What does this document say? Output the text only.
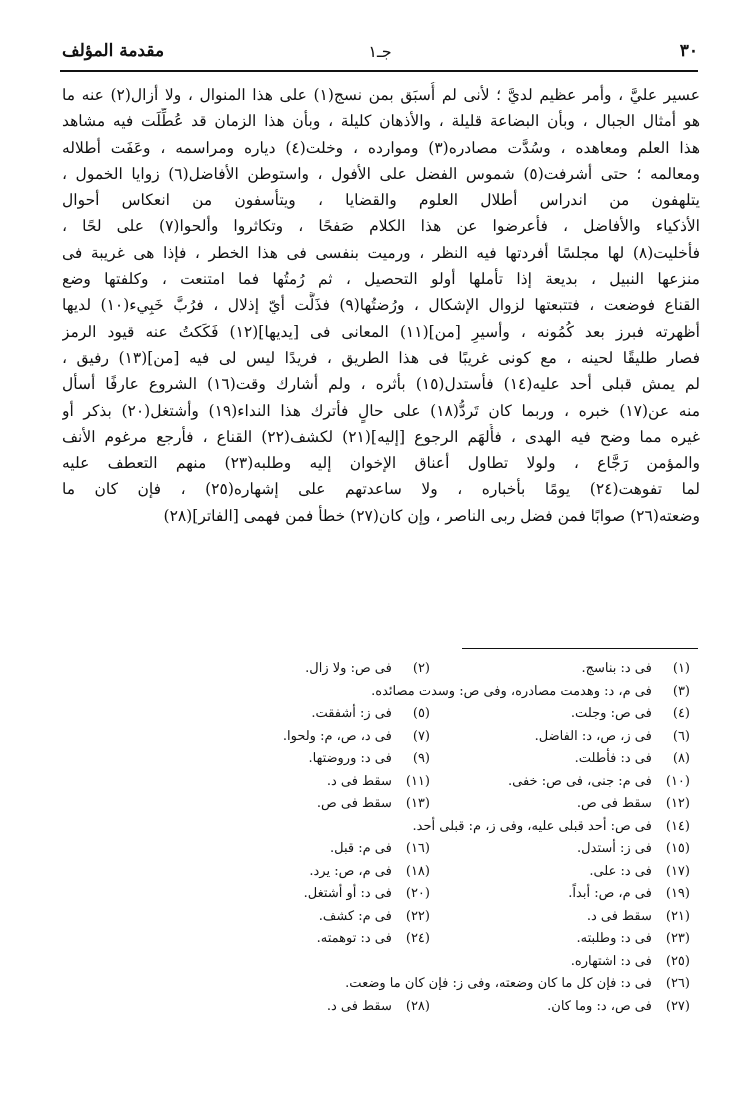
٣٠
جـ١
مقدمة المؤلف
عسير عليَّ ، وأمر عظيم لديَّ ؛ لأنى لم أُسبَق بمن نسج(١) على هذا المنوال ، ولا أزال(٢) عنه ما
هو أمثال الجبال ، وبأن البضاعة قليلة ، والأذهان كليلة ، وبأن هذا الزمان قد عُطِّلَت فيه مشاهد
هذا العلم ومعاهده ، وسُدَّت مصادره(٣) وموارده ، وخلت(٤) دياره ومراسمه ، وعَفَت أطلاله
ومعالمه ؛ حتى أشرفت(٥) شموس الفضل على الأفول ، واستوطن الأفاضل(٦) زوايا الخمول ،
يتلهفون من اندراس أطلال العلوم والقضايا ، ويتأسفون من انعكاس أحوال
الأذكياء والأفاضل ، فأعرضوا عن هذا الكلام صَفحًا ، وتكاثروا وألحوا(٧) على لحًا ،
فأخليت(٨) لها مجلسًا أفردتها فيه النظر ، ورميت بنفسى فى هذا الخطر ، فإذا هى غريبة فى
منزعها النبيل ، بديعة إذا تأملها أولو التحصيل ، ثم رُمتُها فما امتنعت ، وكلفتها وضع
القناع فوضعت ، فتتبعتها لزوال الإشكال ، ورُضتُها(٩) فذَلَّت أيّ إذلال ، فرُبَّ خَبِيء(١٠) لديها
أظهرته فبرز بعد كُمُونه ، وأسيرِ [من](١١) المعانى فى [يديها](١٢) فَكَكتُ عنه قيود الرمز
فصار طليقًا لحينه ، مع كونى غريبًا فى هذا الطريق ، فريدًا ليس لى فيه [من](١٣) رفيق ،
لم يمش قبلى أحد عليه(١٤) فأستدل(١٥) بأثره ، ولم أشارك وقت(١٦) الشروع عارفًا أسأل
منه عن(١٧) خبره ، وربما كان تَردُّ(١٨) على حالٍ فأترك هذا النداء(١٩) وأشتغل(٢٠) بذكر أو
غيره مما وضح فيه الهدى ، فأُلهَم الرجوع [إليه](٢١) لكشف(٢٢) القناع ، فأرجع مرغوم الأنف
والمؤمن رَجَّاع ، ولولا تطاول أعناق الإخوان إليه وطلبه(٢٣) منهم التعطف عليه
لما تفوهت(٢٤) يومًا بأخباره ، ولا ساعدتهم على إشهاره(٢٥) ، فإن كان ما
وضعته(٢٦) صوابًا فمن فضل ربى الناصر ، وإن كان(٢٧) خطأ فمن فهمى [الفاتر](٢٨)
(١) فى د: بناسج.
(٢) فى ص: ولا زال.
(٣) فى م، د: وهدمت مصادره، وفى ص: وسدت مصائده.
(٤) فى ص: وجلت.
(٥) فى ز: أشفقت.
(٦) فى ز، ص، د: الفاضل.
(٧) فى د، ص، م: ولحوا.
(٨) فى د: فأطلت.
(٩) فى د: وروضتها.
(١٠) فى م: جنى، فى ص: خفى.
(١١) سقط فى د.
(١٢) سقط فى ص.
(١٣) سقط فى ص.
(١٤) فى ص: أحد قبلى عليه، وفى ز، م: قبلى أحد.
(١٥) فى ز: أستدل.
(١٦) فى م: قبل.
(١٧) فى د: على.
(١٨) فى م، ص: يرد.
(١٩) فى م، ص: أبداً.
(٢٠) فى د: أو أشتغل.
(٢١) سقط فى د.
(٢٢) فى م: كشف.
(٢٣) فى د: وطلبته.
(٢٤) فى د: توهمته.
(٢٥) فى د: اشتهاره.
(٢٦) فى د: فإن كل ما كان وضعته، وفى ز: فإن كان ما وضعت.
(٢٧) فى ص، د: وما كان.
(٢٨) سقط فى د.
